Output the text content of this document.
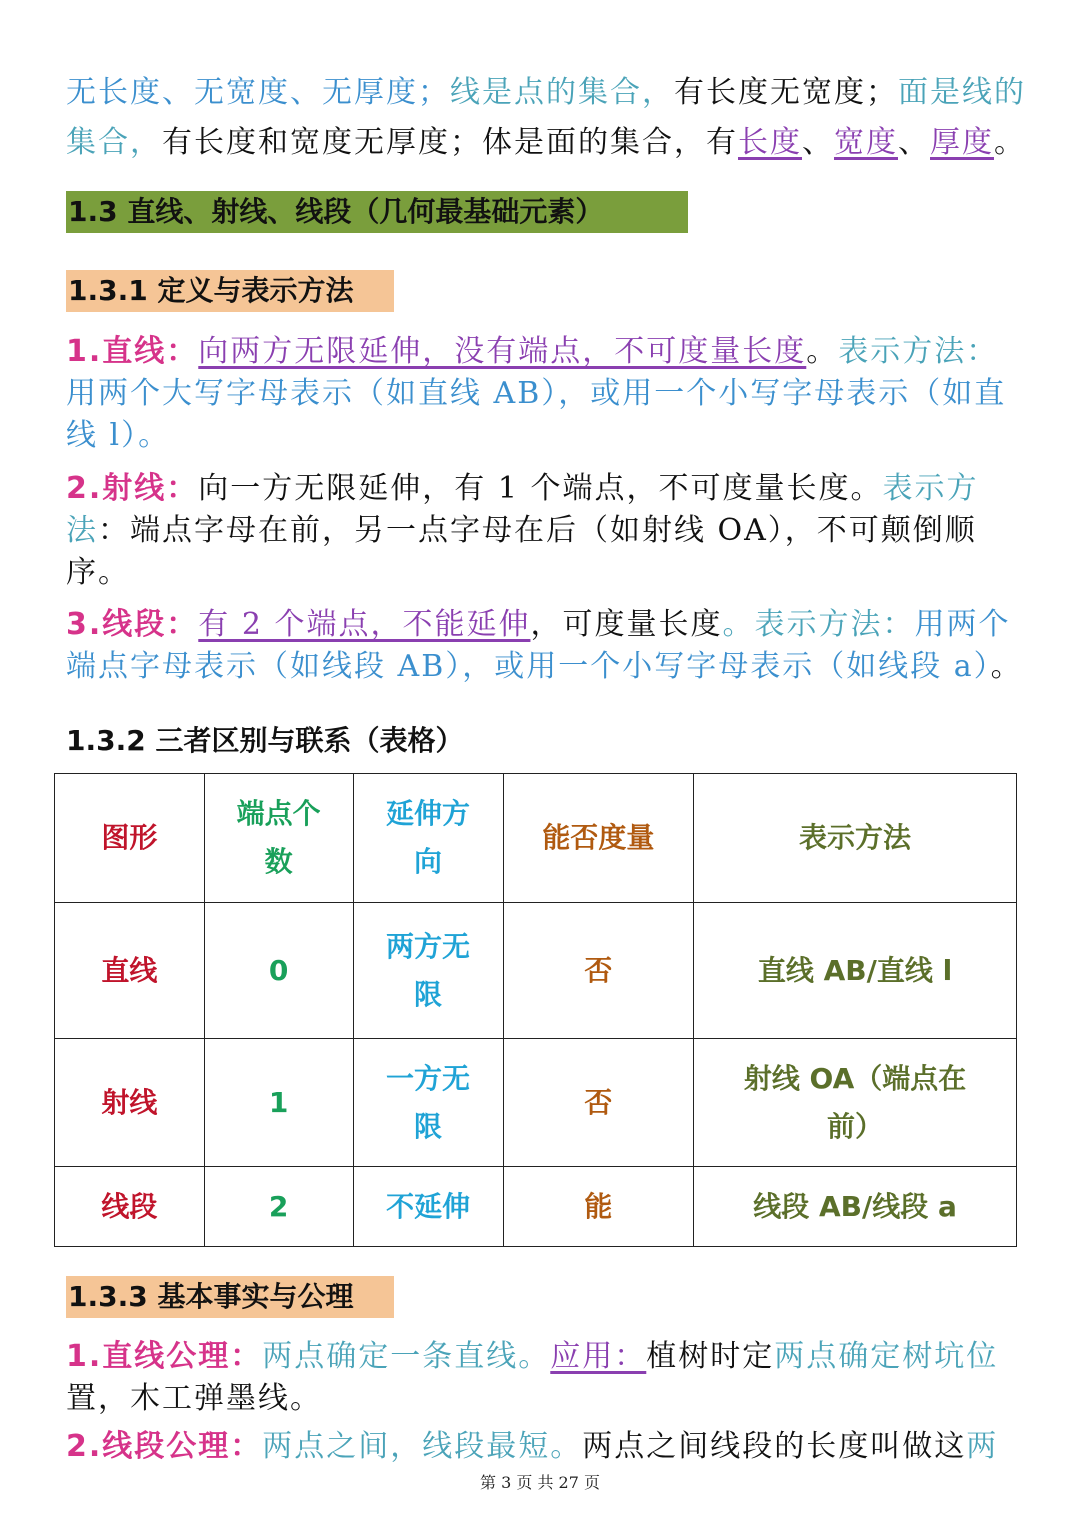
无长度、无宽度、无厚度；线是点的集合，有长度无宽度；面是线的
集合，有长度和宽度无厚度；体是面的集合，有长度、宽度、厚度。
1.3 直线、射线、线段（几何最基础元素）
1.3.1 定义与表示方法
1.直线：向两方无限延伸，没有端点，不可度量长度。表示方法：
用两个大写字母表示（如直线 AB），或用一个小写字母表示（如直
线 l）。
2.射线：向一方无限延伸，有 1 个端点，不可度量长度。表示方
法：端点字母在前，另一点字母在后（如射线 OA），不可颠倒顺
序。
3.线段：有 2 个端点，不能延伸，可度量长度。表示方法：用两个
端点字母表示（如线段 AB），或用一个小写字母表示（如线段 a）。
1.3.2 三者区别与联系（表格）
图形	端点个数	延伸方向	能否度量	表示方法
直线	0	两方无限	否	直线 AB/直线 l
射线	1	一方无限	否	射线 OA（端点在前）

线段	2	不延伸	能	线段 AB/线段 a
1.3.3 基本事实与公理
1.直线公理：两点确定一条直线。应用：植树时定两点确定树坑位
置，木工弹墨线。
2.线段公理：两点之间，线段最短。两点之间线段的长度叫做这两
第 3 页 共 27 页
